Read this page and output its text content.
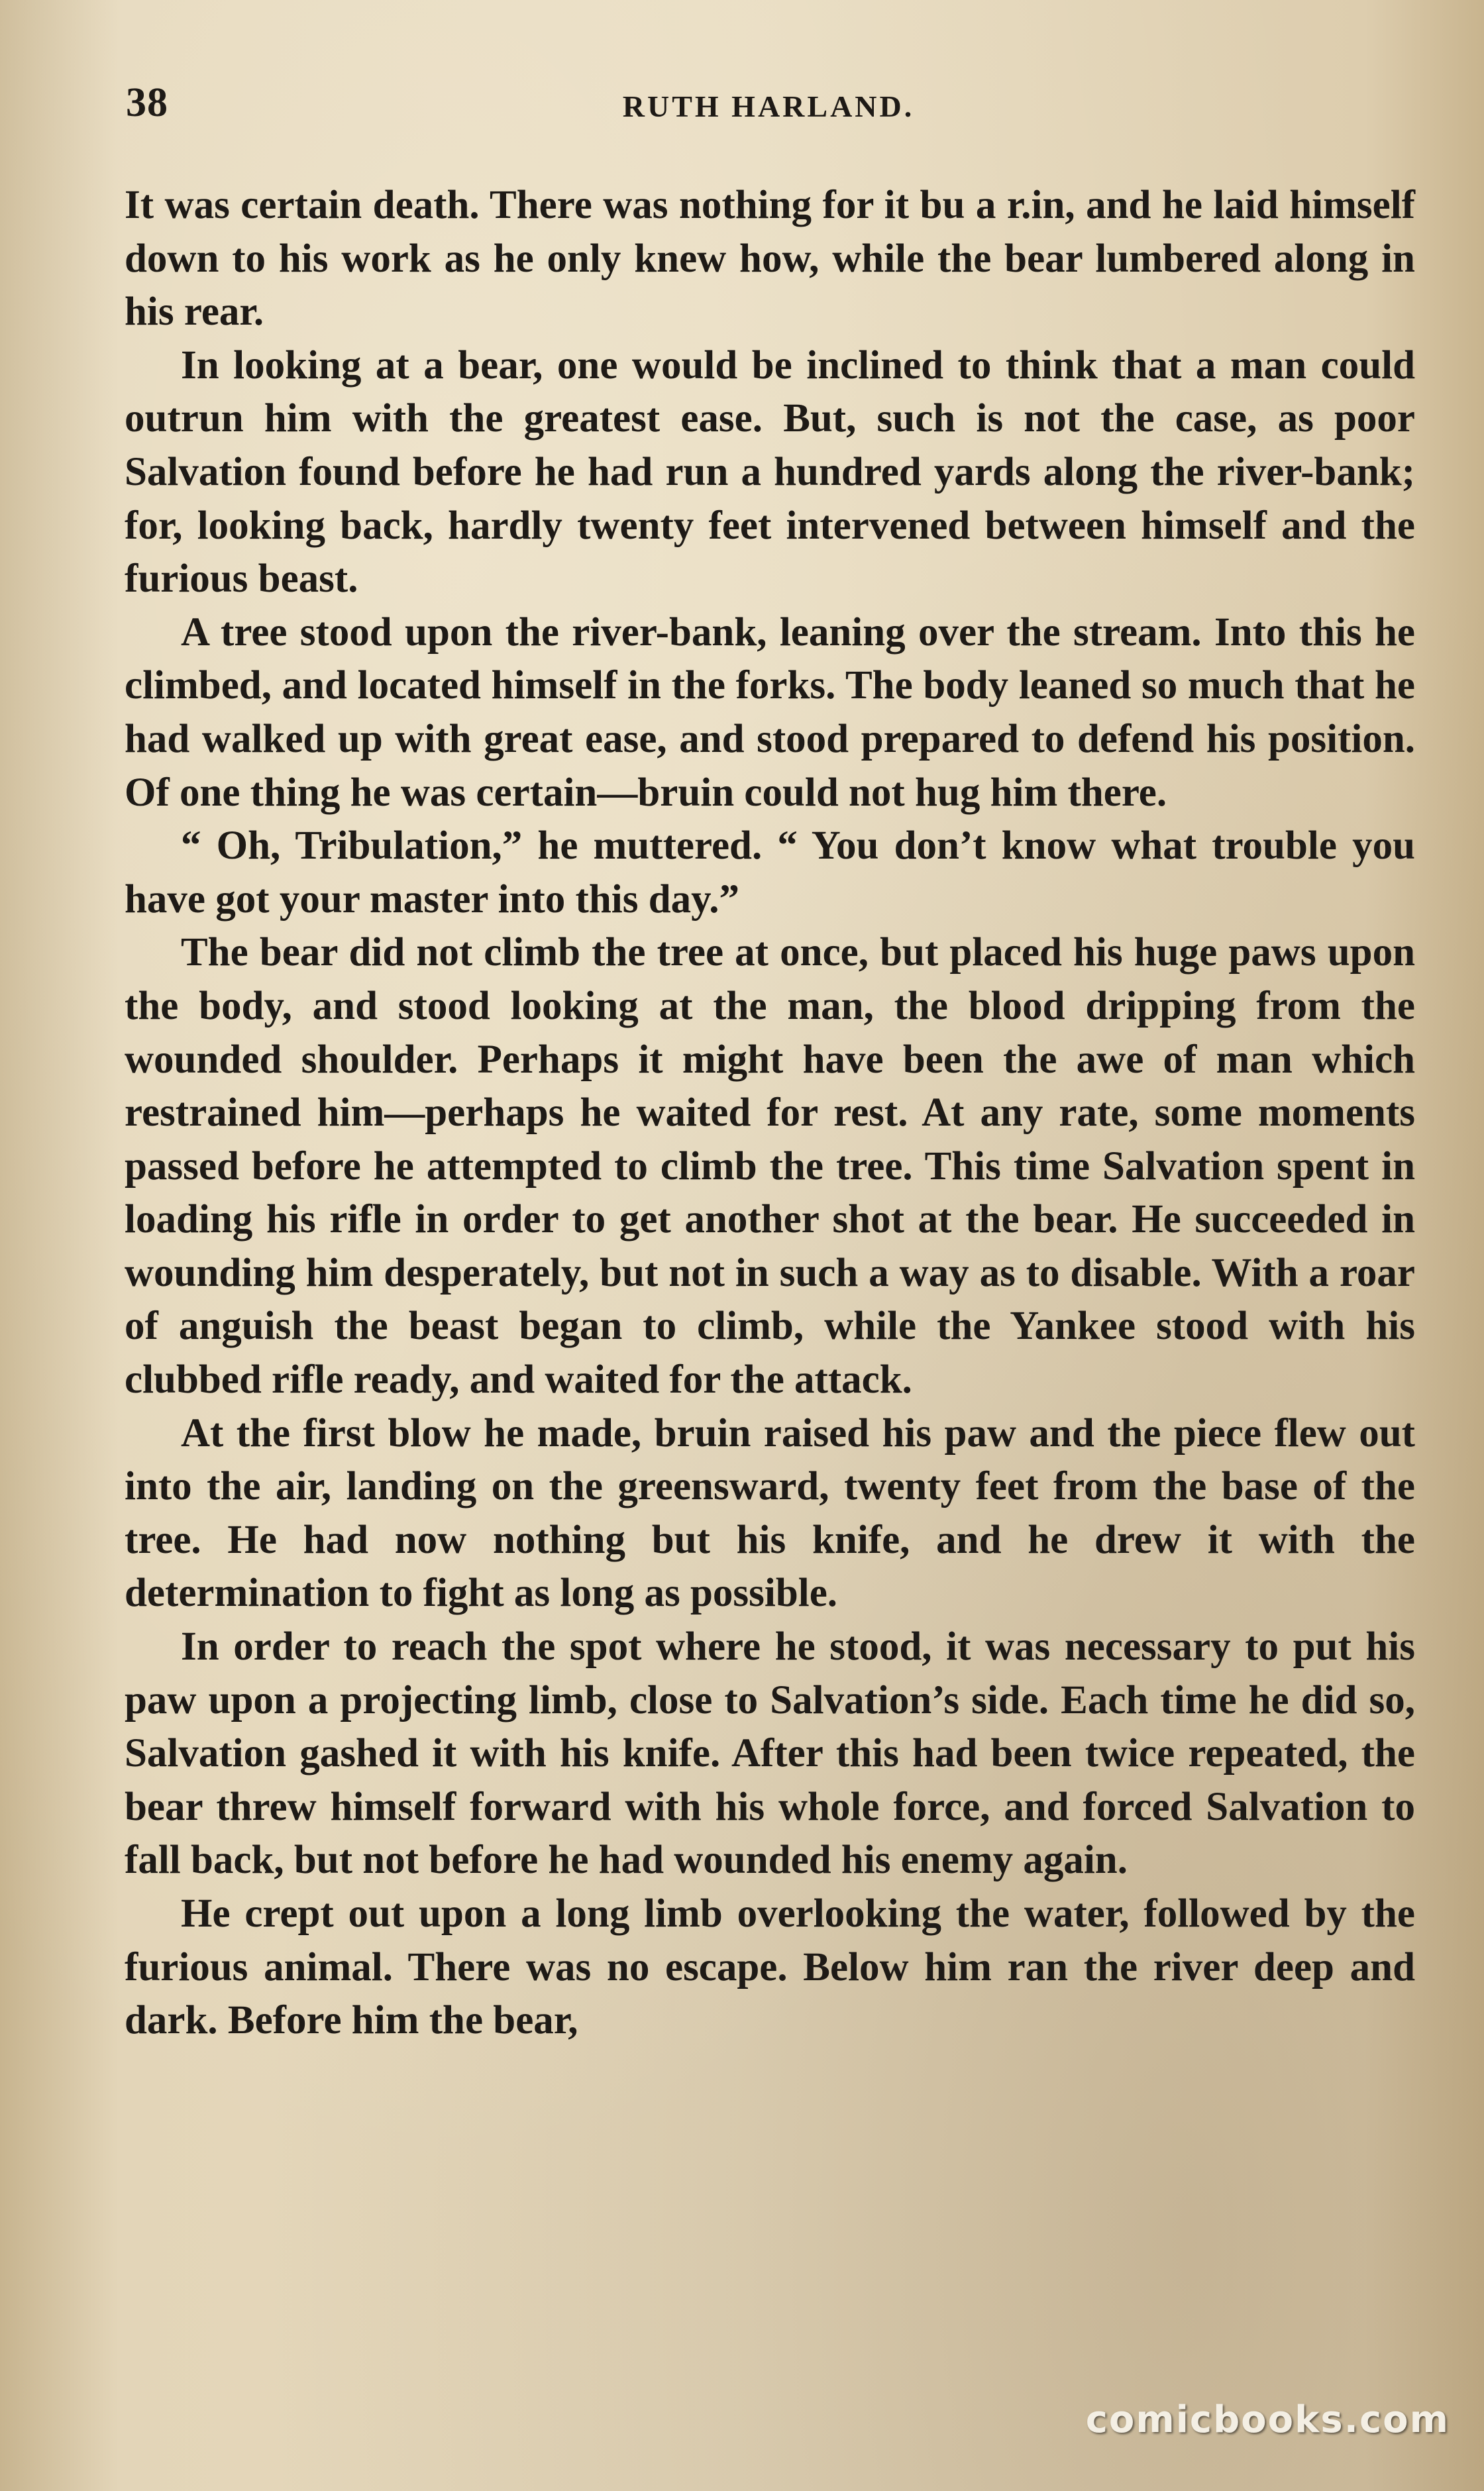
38	RUTH HARLAND.

It was certain death. There was nothing for it bu a r.in, and he laid himself down to his work as he only knew how, while the bear lumbered along in his rear.

In looking at a bear, one would be inclined to think that a man could outrun him with the greatest ease. But, such is not the case, as poor Salvation found before he had run a hundred yards along the river-bank; for, looking back, hardly twenty feet intervened between himself and the furious beast.

A tree stood upon the river-bank, leaning over the stream. Into this he climbed, and located himself in the forks. The body leaned so much that he had walked up with great ease, and stood prepared to defend his position. Of one thing he was certain—bruin could not hug him there.

“ Oh, Tribulation,” he muttered. “ You don’t know what trouble you have got your master into this day.”

The bear did not climb the tree at once, but placed his huge paws upon the body, and stood looking at the man, the blood dripping from the wounded shoulder. Perhaps it might have been the awe of man which restrained him—perhaps he waited for rest. At any rate, some moments passed before he attempted to climb the tree. This time Salvation spent in loading his rifle in order to get another shot at the bear. He succeeded in wounding him desperately, but not in such a way as to disable. With a roar of anguish the beast began to climb, while the Yankee stood with his clubbed rifle ready, and waited for the attack.

At the first blow he made, bruin raised his paw and the piece flew out into the air, landing on the greensward, twenty feet from the base of the tree. He had now nothing but his knife, and he drew it with the determination to fight as long as possible.

In order to reach the spot where he stood, it was necessary to put his paw upon a projecting limb, close to Salvation’s side. Each time he did so, Salvation gashed it with his knife. After this had been twice repeated, the bear threw himself forward with his whole force, and forced Salvation to fall back, but not before he had wounded his enemy again.

He crept out upon a long limb overlooking the water, followed by the furious animal. There was no escape. Below him ran the river deep and dark. Before him the bear,

comicbooks.com
